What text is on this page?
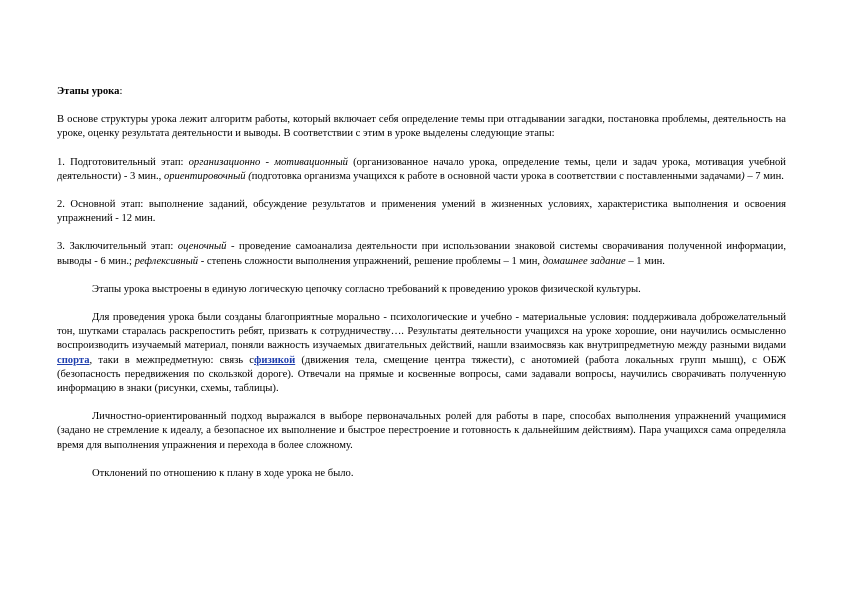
Этапы урока:

В основе структуры урока лежит алгоритм работы, который включает себя определение темы при отгадывании загадки, постановка проблемы, деятельность на уроке, оценку результата деятельности и выводы. В соответствии с этим в уроке выделены следующие этапы:

1. Подготовительный этап: организационно - мотивационный (организованное начало урока, определение темы, цели и задач урока, мотивация учебной деятельности) - 3 мин., ориентировочный (подготовка организма учащихся к работе в основной части урока в соответствии с поставленными задачами) – 7 мин.

2. Основной этап: выполнение заданий, обсуждение результатов и применения умений в жизненных условиях, характеристика выполнения и освоения упражнений - 12 мин.

3. Заключительный этап: оценочный - проведение самоанализа деятельности при использовании знаковой системы сворачивания полученной информации, выводы - 6 мин.; рефлексивный - степень сложности выполнения упражнений, решение проблемы – 1 мин, домашнее задание – 1 мин.

Этапы урока выстроены в единую логическую цепочку согласно требований к проведению уроков физической культуры.

Для проведения урока были созданы благоприятные морально - психологические и учебно - материальные условия: поддерживала доброжелательный тон, шутками старалась раскрепостить ребят, призвать к сотрудничеству…. Результаты деятельности учащихся на уроке хорошие, они научились осмысленно воспроизводить изучаемый материал, поняли важность изучаемых двигательных действий, нашли взаимосвязь как внутрипредметную между разными видами спорта, таки в межпредметную: связь сфизикой (движения тела, смещение центра тяжести), с анотомией (работа локальных групп мышц), с ОБЖ (безопасность передвижения по скользкой дороге). Отвечали на прямые и косвенные вопросы, сами задавали вопросы, научились сворачивать полученную информацию в знаки (рисунки, схемы, таблицы).

Личностно-ориентированный подход выражался в выборе первоначальных ролей для работы в паре, способах выполнения упражнений учащимися (задано не стремление к идеалу, а безопасное их выполнение и быстрое перестроение и готовность к дальнейшим действиям). Пара учащихся сама определяла время для выполнения упражнения и перехода в более сложному.

Отклонений по отношению к плану в ходе урока не было.
